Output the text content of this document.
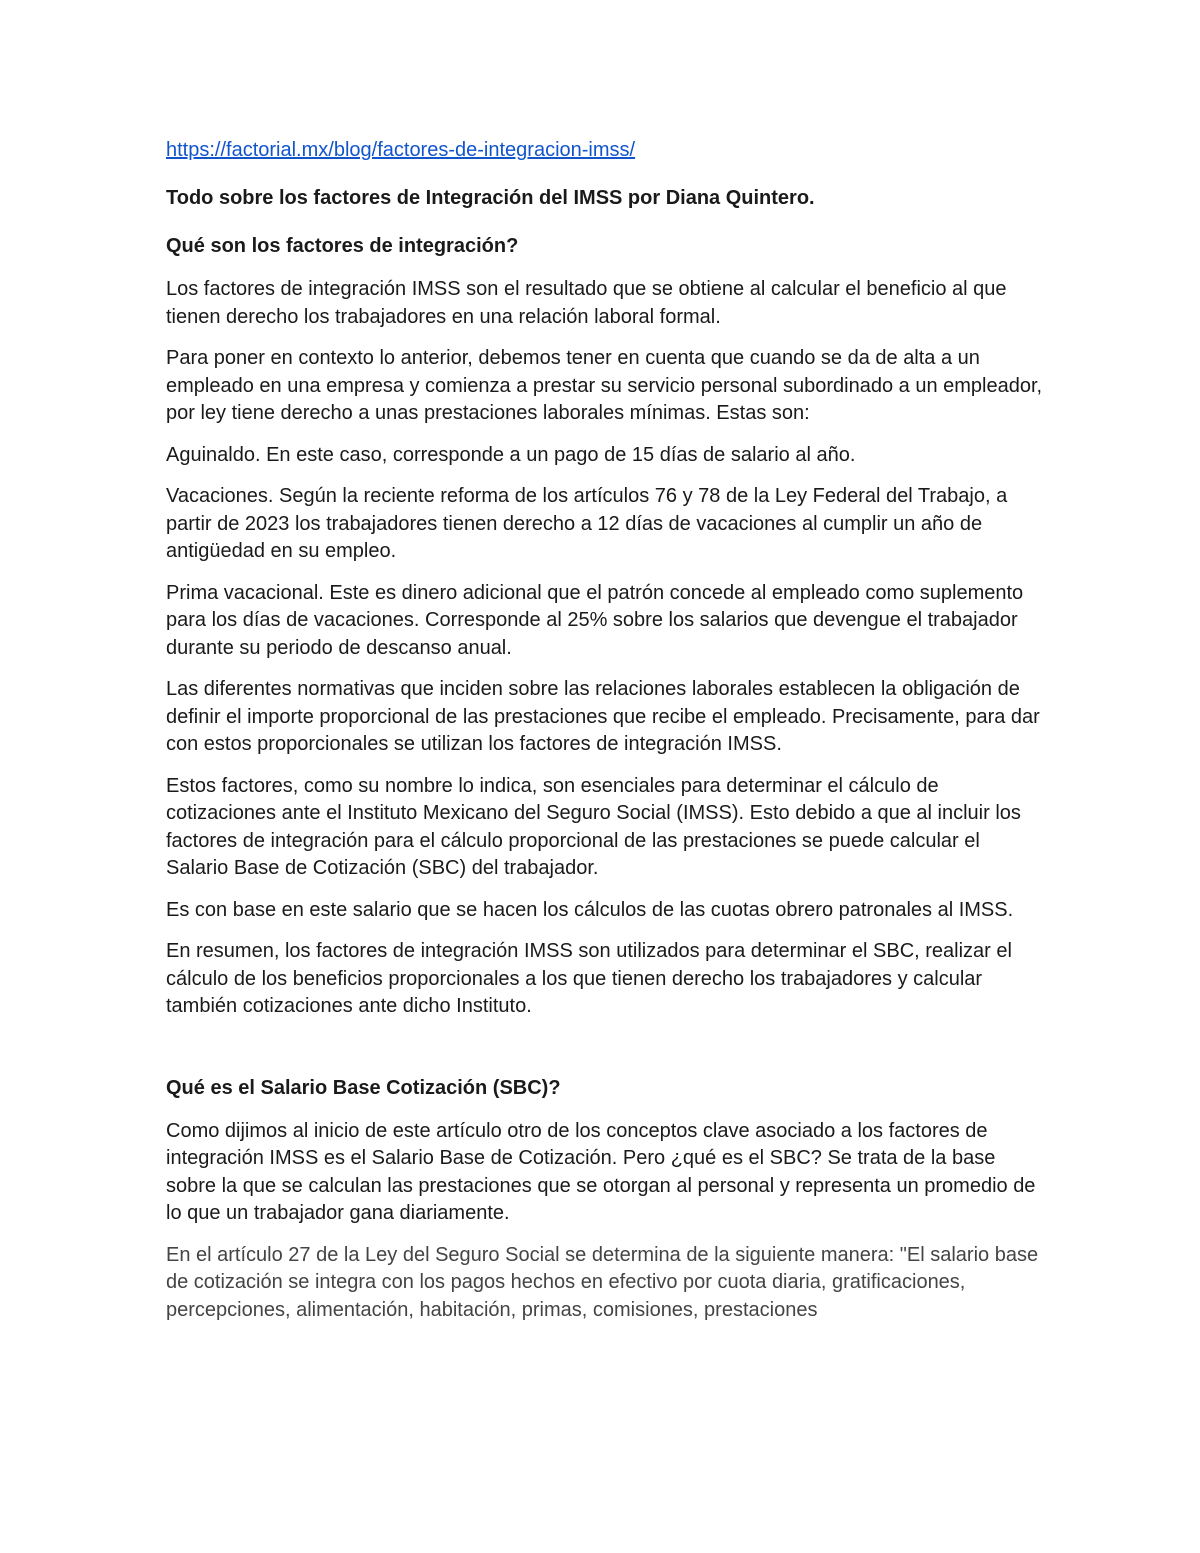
https://factorial.mx/blog/factores-de-integracion-imss/
Todo sobre los factores de Integración del IMSS por Diana Quintero.
Qué son los factores de integración?

Los factores de integración IMSS son el resultado que se obtiene al calcular el beneficio al que tienen derecho los trabajadores en una relación laboral formal.

Para poner en contexto lo anterior, debemos tener en cuenta que cuando se da de alta a un empleado en una empresa y comienza a prestar su servicio personal subordinado a un empleador, por ley tiene derecho a unas prestaciones laborales mínimas. Estas son:

Aguinaldo. En este caso, corresponde a un pago de 15 días de salario al año.

Vacaciones. Según la reciente reforma de los artículos 76 y 78 de la Ley Federal del Trabajo, a partir de 2023 los trabajadores tienen derecho a 12 días de vacaciones al cumplir un año de antigüedad en su empleo.

Prima vacacional. Este es dinero adicional que el patrón concede al empleado como suplemento para los días de vacaciones. Corresponde al 25% sobre los salarios que devengue el trabajador durante su periodo de descanso anual.

Las diferentes normativas que inciden sobre las relaciones laborales establecen la obligación de definir el importe proporcional de las prestaciones que recibe el empleado. Precisamente, para dar con estos proporcionales se utilizan los factores de integración IMSS.

Estos factores, como su nombre lo indica, son esenciales para determinar el cálculo de cotizaciones ante el Instituto Mexicano del Seguro Social (IMSS). Esto debido a que al incluir los factores de integración para el cálculo proporcional de las prestaciones se puede calcular el Salario Base de Cotización (SBC) del trabajador.

Es con base en este salario que se hacen los cálculos de las cuotas obrero patronales al IMSS.

En resumen, los factores de integración IMSS son utilizados para determinar el SBC, realizar el cálculo de los beneficios proporcionales a los que tienen derecho los trabajadores y calcular también cotizaciones ante dicho Instituto.

Qué es el Salario Base Cotización (SBC)?

Como dijimos al inicio de este artículo otro de los conceptos clave asociado a los factores de integración IMSS es el Salario Base de Cotización. Pero ¿qué es el SBC? Se trata de la base sobre la que se calculan las prestaciones que se otorgan al personal y representa un promedio de lo que un trabajador gana diariamente.

En el artículo 27 de la Ley del Seguro Social se determina de la siguiente manera: "El salario base de cotización se integra con los pagos hechos en efectivo por cuota diaria, gratificaciones, percepciones, alimentación, habitación, primas, comisiones, prestaciones
